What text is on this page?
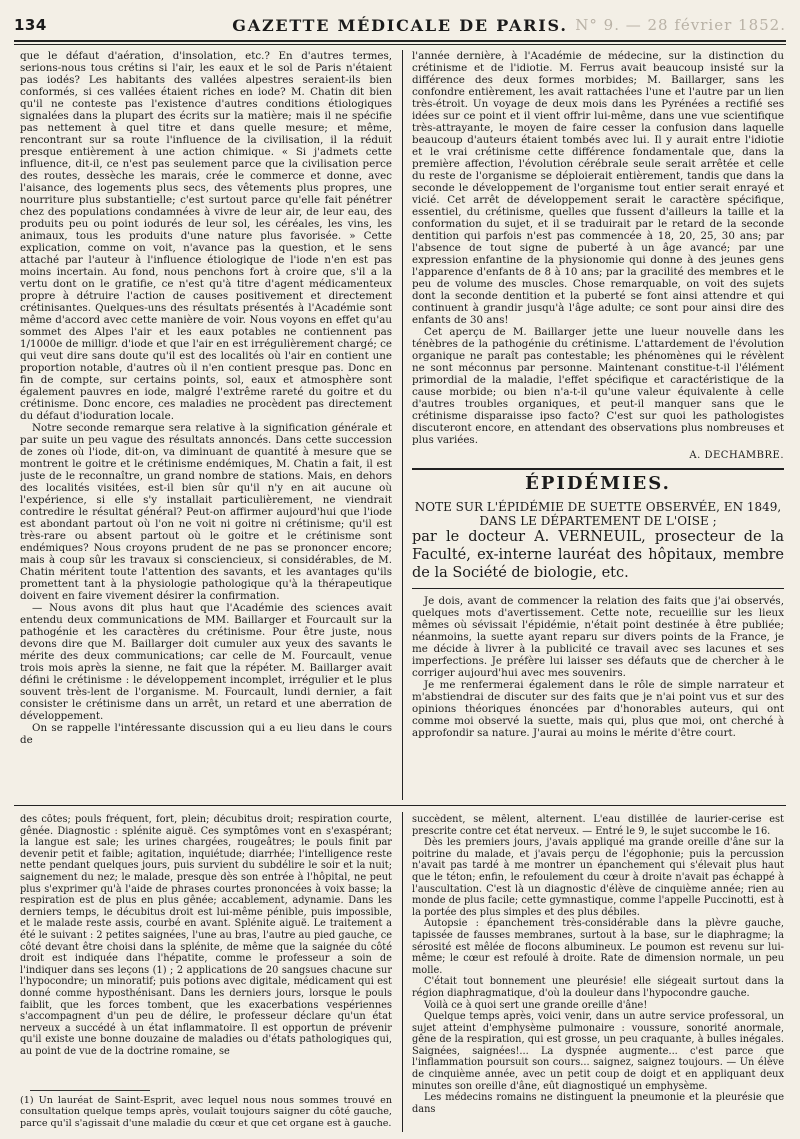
134	GAZETTE MÉDICALE DE PARIS. N° 9. — 28 février 1852.

que le défaut d'aération, d'insolation, etc.? En d'autres termes, serions-nous tous crétins si l'air, les eaux et le sol de Paris n'étaient pas iodés? Les habitants des vallées alpestres seraient-ils bien conformés, si ces vallées étaient riches en iode? M. Chatin dit bien qu'il ne conteste pas l'existence d'autres conditions étiologiques signalées dans la plupart des écrits sur la matière; mais il ne spécifie pas nettement à quel titre et dans quelle mesure; et même, rencontrant sur sa route l'influence de la civilisation, il la réduit presque entièrement à une action chimique. « Si j'admets cette influence, dit-il, ce n'est pas seulement parce que la civilisation perce des routes, dessèche les marais, crée le commerce et donne, avec l'aisance, des logements plus secs, des vêtements plus propres, une nourriture plus substantielle; c'est surtout parce qu'elle fait pénétrer chez des populations condamnées à vivre de leur air, de leur eau, des produits peu ou point iodurés de leur sol, les céréales, les vins, les animaux, tous les produits d'une nature plus favorisée. » Cette explication, comme on voit, n'avance pas la question, et le sens attaché par l'auteur à l'influence étiologique de l'iode n'en est pas moins incertain. Au fond, nous penchons fort à croire que, s'il a la vertu dont on le gratifie, ce n'est qu'à titre d'agent médicamenteux propre à détruire l'action de causes positivement et directement crétinisantes. Quelques-uns des résultats présentés à l'Académie sont même d'accord avec cette manière de voir. Nous voyons en effet qu'au sommet des Alpes l'air et les eaux potables ne contiennent pas 1/1000e de milligr. d'iode et que l'air en est irrégulièrement chargé; ce qui veut dire sans doute qu'il est des localités où l'air en contient une proportion notable, d'autres où il n'en contient presque pas. Donc en fin de compte, sur certains points, sol, eaux et atmosphère sont également pauvres en iode, malgré l'extrême rareté du goitre et du crétinisme. Donc encore, ces maladies ne procèdent pas directement du défaut d'ioduration locale.

Notre seconde remarque sera relative à la signification générale et par suite un peu vague des résultats annoncés. Dans cette succession de zones où l'iode, dit-on, va diminuant de quantité à mesure que se montrent le goitre et le crétinisme endémiques, M. Chatin a fait, il est juste de le reconnaître, un grand nombre de stations. Mais, en dehors des localités visitées, est-il bien sûr qu'il n'y en ait aucune où l'expérience, si elle s'y installait particulièrement, ne viendrait contredire le résultat général? Peut-on affirmer aujourd'hui que l'iode est abondant partout où l'on ne voit ni goitre ni crétinisme; qu'il est très-rare ou absent partout où le goitre et le crétinisme sont endémiques? Nous croyons prudent de ne pas se prononcer encore; mais à coup sûr les travaux si consciencieux, si considérables, de M. Chatin méritent toute l'attention des savants, et les avantages qu'ils promettent tant à la physiologie pathologique qu'à la thérapeutique doivent en faire vivement désirer la confirmation.

— Nous avons dit plus haut que l'Académie des sciences avait entendu deux communications de MM. Baillarger et Fourcault sur la pathogénie et les caractères du crétinisme. Pour être juste, nous devons dire que M. Baillarger doit cumuler aux yeux des savants le mérite des deux communications; car celle de M. Fourcault, venue trois mois après la sienne, ne fait que la répéter. M. Baillarger avait défini le crétinisme : le développement incomplet, irrégulier et le plus souvent très-lent de l'organisme. M. Fourcault, lundi dernier, a fait consister le crétinisme dans un arrêt, un retard et une aberration de développement.

On se rappelle l'intéressante discussion qui a eu lieu dans le cours de

l'année dernière, à l'Académie de médecine, sur la distinction du crétinisme et de l'idiotie. M. Ferrus avait beaucoup insisté sur la différence des deux formes morbides; M. Baillarger, sans les confondre entièrement, les avait rattachées l'une et l'autre par un lien très-étroit. Un voyage de deux mois dans les Pyrénées a rectifié ses idées sur ce point et il vient offrir lui-même, dans une vue scientifique très-attrayante, le moyen de faire cesser la confusion dans laquelle beaucoup d'auteurs étaient tombés avec lui. Il y aurait entre l'idiotie et le vrai crétinisme cette différence fondamentale que, dans la première affection, l'évolution cérébrale seule serait arrêtée et celle du reste de l'organisme se déploierait entièrement, tandis que dans la seconde le développement de l'organisme tout entier serait enrayé et vicié. Cet arrêt de développement serait le caractère spécifique, essentiel, du crétinisme, quelles que fussent d'ailleurs la taille et la conformation du sujet, et il se traduirait par le retard de la seconde dentition qui parfois n'est pas commencée à 18, 20, 25, 30 ans; par l'absence de tout signe de puberté à un âge avancé; par une expression enfantine de la physionomie qui donne à des jeunes gens l'apparence d'enfants de 8 à 10 ans; par la gracilité des membres et le peu de volume des muscles. Chose remarquable, on voit des sujets dont la seconde dentition et la puberté se font ainsi attendre et qui continuent à grandir jusqu'à l'âge adulte; ce sont pour ainsi dire des enfants de 30 ans!

Cet aperçu de M. Baillarger jette une lueur nouvelle dans les ténèbres de la pathogénie du crétinisme. L'attardement de l'évolution organique ne paraît pas contestable; les phénomènes qui le révèlent ne sont méconnus par personne. Maintenant constitue-t-il l'élément primordial de la maladie, l'effet spécifique et caractéristique de la cause morbide; ou bien n'a-t-il qu'une valeur équivalente à celle d'autres troubles organiques, et peut-il manquer sans que le crétinisme disparaisse ipso facto? C'est sur quoi les pathologistes discuteront encore, en attendant des observations plus nombreuses et plus variées.

A. DECHAMBRE.
ÉPIDÉMIES.
NOTE SUR L'ÉPIDÉMIE DE SUETTE OBSERVÉE, EN 1849, DANS LE DÉPARTEMENT DE L'OISE ;
par le docteur A. VERNEUIL, prosecteur de la Faculté, ex-interne lauréat des hôpitaux, membre de la Société de biologie, etc.

Je dois, avant de commencer la relation des faits que j'ai observés, quelques mots d'avertissement. Cette note, recueillie sur les lieux mêmes où sévissait l'épidémie, n'était point destinée à être publiée; néanmoins, la suette ayant reparu sur divers points de la France, je me décide à livrer à la publicité ce travail avec ses lacunes et ses imperfections. Je préfère lui laisser ses défauts que de chercher à le corriger aujourd'hui avec mes souvenirs.

Je me renfermerai également dans le rôle de simple narrateur et m'abstiendrai de discuter sur des faits que je n'ai point vus et sur des opinions théoriques énoncées par d'honorables auteurs, qui ont comme moi observé la suette, mais qui, plus que moi, ont cherché à approfondir sa nature. J'aurai au moins le mérite d'être court.

des côtes; pouls fréquent, fort, plein; décubitus droit; respiration courte, gênée. Diagnostic : splénite aiguë. Ces symptômes vont en s'exaspérant; la langue est sale; les urines chargées, rougeâtres; le pouls finit par devenir petit et faible; agitation, inquiétude; diarrhée; l'intelligence reste nette pendant quelques jours, puis survient du subdélire le soir et la nuit; saignement du nez; le malade, presque dès son entrée à l'hôpital, ne peut plus s'exprimer qu'à l'aide de phrases courtes prononcées à voix basse; la respiration est de plus en plus gênée; accablement, adynamie. Dans les derniers temps, le décubitus droit est lui-même pénible, puis impossible, et le malade reste assis, courbé en avant. Splénite aiguë. Le traitement a été le suivant : 2 petites saignées, l'une au bras, l'autre au pied gauche, ce côté devant être choisi dans la splénite, de même que la saignée du côté droit est indiquée dans l'hépatite, comme le professeur a soin de l'indiquer dans ses leçons (1) ; 2 applications de 20 sangsues chacune sur l'hypocondre; un minoratif; puis potions avec digitale, médicament qui est donné comme hyposthénisant. Dans les derniers jours, lorsque le pouls faiblit, que les forces tombent, que les exacerbations vespériennes s'accompagnent d'un peu de délire, le professeur déclare qu'un état nerveux a succédé à un état inflammatoire. Il est opportun de prévenir qu'il existe une bonne douzaine de maladies ou d'états pathologiques qui, au point de vue de la doctrine romaine, se

(1) Un lauréat de Saint-Esprit, avec lequel nous nous sommes trouvé en consultation quelque temps après, voulait toujours saigner du côté gauche, parce qu'il s'agissait d'une maladie du cœur et que cet organe est à gauche.

succèdent, se mêlent, alternent. L'eau distillée de laurier-cerise est prescrite contre cet état nerveux. — Entré le 9, le sujet succombe le 16.

Dès les premiers jours, j'avais appliqué ma grande oreille d'âne sur la poitrine du malade, et j'avais perçu de l'égophonie; puis la percussion n'avait pas tardé à me montrer un épanchement qui s'élevait plus haut que le téton; enfin, le refoulement du cœur à droite n'avait pas échappé à l'auscultation. C'est là un diagnostic d'élève de cinquième année; rien au monde de plus facile; cette gymnastique, comme l'appelle Puccinotti, est à la portée des plus simples et des plus débiles.

Autopsie : épanchement très-considérable dans la plèvre gauche, tapissée de fausses membranes, surtout à la base, sur le diaphragme; la sérosité est mêlée de flocons albumineux. Le poumon est revenu sur lui-même; le cœur est refoulé à droite. Rate de dimension normale, un peu molle.

C'était tout bonnement une pleurésie! elle siégeait surtout dans la région diaphragmatique, d'où la douleur dans l'hypocondre gauche.

Voilà ce à quoi sert une grande oreille d'âne!

Quelque temps après, voici venir, dans un autre service professoral, un sujet atteint d'emphysème pulmonaire : voussure, sonorité anormale, gêne de la respiration, qui est grosse, un peu craquante, à bulles inégales. Saignées, saignées!... La dyspnée augmente... c'est parce que l'inflammation poursuit son cours... saignez, saignez toujours. — Un élève de cinquième année, avec un petit coup de doigt et en appliquant deux minutes son oreille d'âne, eût diagnostiqué un emphysème.

Les médecins romains ne distinguent la pneumonie et la pleurésie que dans
